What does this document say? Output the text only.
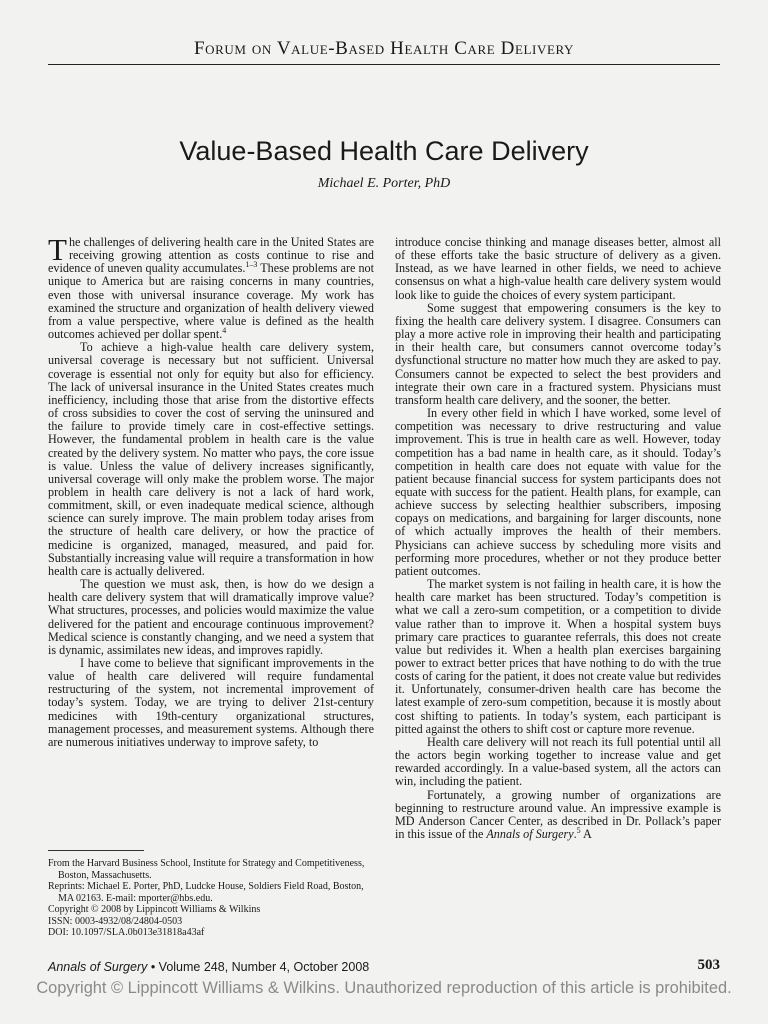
Forum on Value-Based Health Care Delivery
Value-Based Health Care Delivery
Michael E. Porter, PhD

The challenges of delivering health care in the United States are receiving growing attention as costs continue to rise and evidence of uneven quality accumulates.$^{1-3}$ These problems are not unique to America but are raising concerns in many countries, even those with universal insurance coverage. My work has examined the structure and organization of health delivery viewed from a value perspective, where value is defined as the health outcomes achieved per dollar spent.$^4$

To achieve a high-value health care delivery system, universal coverage is necessary but not sufficient. Universal coverage is essential not only for equity but also for efficiency. The lack of universal insurance in the United States creates much inefficiency, including those that arise from the distortive effects of cross subsidies to cover the cost of serving the uninsured and the failure to provide timely care in cost-effective settings. However, the fundamental problem in health care is the value created by the delivery system. No matter who pays, the core issue is value. Unless the value of delivery increases significantly, universal coverage will only make the problem worse. The major problem in health care delivery is not a lack of hard work, commitment, skill, or even inadequate medical science, although science can surely improve. The main problem today arises from the structure of health care delivery, or how the practice of medicine is organized, managed, measured, and paid for. Substantially increasing value will require a transformation in how health care is actually delivered.

The question we must ask, then, is how do we design a health care delivery system that will dramatically improve value? What structures, processes, and policies would maximize the value delivered for the patient and encourage continuous improvement? Medical science is constantly changing, and we need a system that is dynamic, assimilates new ideas, and improves rapidly.

I have come to believe that significant improvements in the value of health care delivered will require fundamental restructuring of the system, not incremental improvement of today’s system. Today, we are trying to deliver 21st-century medicines with 19th-century organizational structures, management processes, and measurement systems. Although there are numerous initiatives underway to improve safety, to

introduce concise thinking and manage diseases better, almost all of these efforts take the basic structure of delivery as a given. Instead, as we have learned in other fields, we need to achieve consensus on what a high-value health care delivery system would look like to guide the choices of every system participant.

Some suggest that empowering consumers is the key to fixing the health care delivery system. I disagree. Consumers can play a more active role in improving their health and participating in their health care, but consumers cannot overcome today’s dysfunctional structure no matter how much they are asked to pay. Consumers cannot be expected to select the best providers and integrate their own care in a fractured system. Physicians must transform health care delivery, and the sooner, the better.

In every other field in which I have worked, some level of competition was necessary to drive restructuring and value improvement. This is true in health care as well. However, today competition has a bad name in health care, as it should. Today’s competition in health care does not equate with value for the patient because financial success for system participants does not equate with success for the patient. Health plans, for example, can achieve success by selecting healthier subscribers, imposing copays on medications, and bargaining for larger discounts, none of which actually improves the health of their members. Physicians can achieve success by scheduling more visits and performing more procedures, whether or not they produce better patient outcomes.

The market system is not failing in health care, it is how the health care market has been structured. Today’s competition is what we call a zero-sum competition, or a competition to divide value rather than to improve it. When a hospital system buys primary care practices to guarantee referrals, this does not create value but redivides it. When a health plan exercises bargaining power to extract better prices that have nothing to do with the true costs of caring for the patient, it does not create value but redivides it. Unfortunately, consumer-driven health care has become the latest example of zero-sum competition, because it is mostly about cost shifting to patients. In today’s system, each participant is pitted against the others to shift cost or capture more revenue.

Health care delivery will not reach its full potential until all the actors begin working together to increase value and get rewarded accordingly. In a value-based system, all the actors can win, including the patient.

Fortunately, a growing number of organizations are beginning to restructure around value. An impressive example is MD Anderson Cancer Center, as described in Dr. Pollack’s paper in this issue of the Annals of Surgery.$^5$ A

From the Harvard Business School, Institute for Strategy and Competitiveness, Boston, Massachusetts.
Reprints: Michael E. Porter, PhD, Ludcke House, Soldiers Field Road, Boston, MA 02163. E-mail: mporter@hbs.edu.
Copyright © 2008 by Lippincott Williams & Wilkins
ISSN: 0003-4932/08/24804-0503
DOI: 10.1097/SLA.0b013e31818a43af
Annals of Surgery • Volume 248, Number 4, October 2008	503
Copyright © Lippincott Williams & Wilkins. Unauthorized reproduction of this article is prohibited.
